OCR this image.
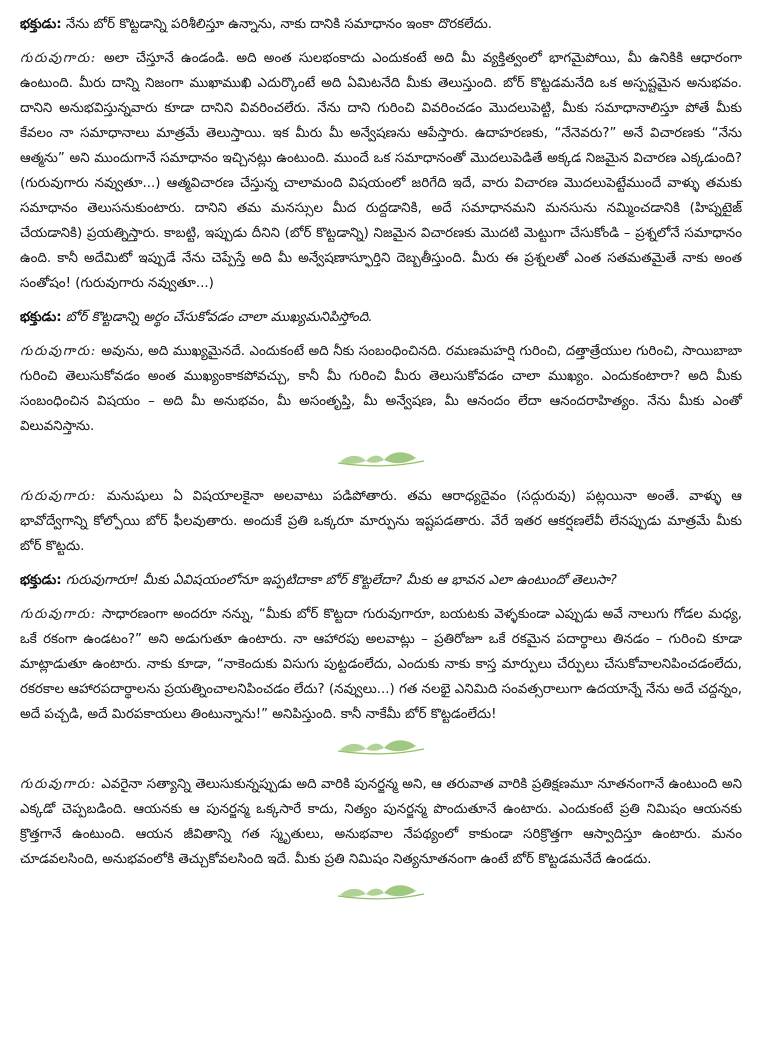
భక్తుడు: నేను బోర్ కొట్టడాన్ని పరిశీలిస్తూ ఉన్నాను, నాకు దానికి సమాధానం ఇంకా దొరకలేదు.

గురువుగారు: అలా చేస్తూనే ఉండండి. అది అంత సులభంకాదు ఎందుకంటే అది మీ వ్యక్తిత్వంలో భాగమైపోయి, మీ ఉనికికి ఆధారంగా ఉంటుంది. మీరు దాన్ని నిజంగా ముఖాముఖి ఎదుర్కొంటే అది ఏమిటనేది మీకు తెలుస్తుంది. బోర్ కొట్టడమనేది ఒక అస్పష్టమైన అనుభవం. దానిని అనుభవిస్తున్నవారు కూడా దానిని వివరించలేరు. నేను దాని గురించి వివరించడం మొదలుపెట్టి, మీకు సమాధానాలిస్తూ పోతే మీకు కేవలం నా సమాధానాలు మాత్రమే తెలుస్తాయి. ఇక మీరు మీ అన్వేషణను ఆపేస్తారు. ఉదాహరణకు, “నేనెవరు?” అనే విచారణకు “నేను ఆత్మను” అని ముందుగానే సమాధానం ఇచ్చినట్లు ఉంటుంది. ముందే ఒక సమాధానంతో మొదలుపెడితే అక్కడ నిజమైన విచారణ ఎక్కడుంది? (గురువుగారు నవ్వుతూ...) ఆత్మవిచారణ చేస్తున్న చాలామంది విషయంలో జరిగేది ఇదే, వారు విచారణ మొదలుపెట్టేముందే వాళ్ళు తమకు సమాధానం తెలుసనుకుంటారు. దానిని తమ మనస్సుల మీద రుద్దడానికి, అదే సమాధానమని మనసును నమ్మించడానికి (హిప్నటైజ్ చేయడానికి) ప్రయత్నిస్తారు. కాబట్టి, ఇప్పుడు దీనిని (బోర్ కొట్టడాన్ని) నిజమైన విచారణకు మొదటి మెట్టుగా చేసుకోండి – ప్రశ్నలోనే సమాధానం ఉంది. కానీ అదేమిటో ఇప్పుడే నేను చెప్పేస్తే అది మీ అన్వేషణాస్ఫూర్తిని దెబ్బతీస్తుంది. మీరు ఈ ప్రశ్నలతో ఎంత సతమతమైతే నాకు అంత సంతోషం! (గురువుగారు నవ్వుతూ...)

భక్తుడు: బోర్ కొట్టడాన్ని అర్థం చేసుకోవడం చాలా ముఖ్యమనిపిస్తోంది.

గురువుగారు: అవును, అది ముఖ్యమైనదే. ఎందుకంటే అది నీకు సంబంధించినది. రమణమహర్షి గురించి, దత్తాత్రేయుల గురించి, సాయిబాబా గురించి తెలుసుకోవడం అంత ముఖ్యంకాకపోవచ్చు, కానీ మీ గురించి మీరు తెలుసుకోవడం చాలా ముఖ్యం. ఎందుకంటారా? అది మీకు సంబంధించిన విషయం – అది మీ అనుభవం, మీ అసంతృప్తి, మీ అన్వేషణ, మీ ఆనందం లేదా ఆనందరాహిత్యం. నేను మీకు ఎంతో విలువనిస్తాను.

గురువుగారు: మనుషులు ఏ విషయాలకైనా అలవాటు పడిపోతారు. తమ ఆరాధ్యదైవం (సద్గురువు) పట్లయినా అంతే. వాళ్ళు ఆ భావోద్వేగాన్ని కోల్పోయి బోర్ ఫీలవుతారు. అందుకే ప్రతి ఒక్కరూ మార్పును ఇష్టపడతారు. వేరే ఇతర ఆకర్షణలేవీ లేనప్పుడు మాత్రమే మీకు బోర్ కొట్టదు.

భక్తుడు: గురువుగారూ! మీకు ఏవిషయంలోనూ ఇప్పటిదాకా బోర్ కొట్టలేదా? మీకు ఆ భావన ఎలా ఉంటుందో తెలుసా?

గురువుగారు: సాధారణంగా అందరూ నన్ను, “మీకు బోర్ కొట్టదా గురువుగారూ, బయటకు వెళ్ళకుండా ఎప్పుడు అవే నాలుగు గోడల మధ్య, ఒకే రకంగా ఉండటం?” అని అడుగుతూ ఉంటారు. నా ఆహారపు అలవాట్లు – ప్రతిరోజూ ఒకే రకమైన పదార్థాలు తినడం – గురించి కూడా మాట్లాడుతూ ఉంటారు. నాకు కూడా, “నాకెందుకు విసుగు పుట్టడంలేదు, ఎందుకు నాకు కాస్త మార్పులు చేర్పులు చేసుకోవాలనిపించడంలేదు, రకరకాల ఆహారపదార్థాలను ప్రయత్నించాలనిపించడం లేదు? (నవ్వులు...) గత నలభై ఎనిమిది సంవత్సరాలుగా ఉదయాన్నే నేను అదే చద్దన్నం, అదే పచ్చడి, అదే మిరపకాయలు తింటున్నాను!” అనిపిస్తుంది. కానీ నాకేమీ బోర్ కొట్టడంలేదు!

గురువుగారు: ఎవరైనా సత్యాన్ని తెలుసుకున్నప్పుడు అది వారికి పునర్జన్మ అని, ఆ తరువాత వారికి ప్రతిక్షణమూ నూతనంగానే ఉంటుంది అని ఎక్కడో చెప్పబడింది. ఆయనకు ఆ పునర్జన్మ ఒక్కసారే కాదు, నిత్యం పునర్జన్మ పొందుతూనే ఉంటారు. ఎందుకంటే ప్రతి నిమిషం ఆయనకు క్రొత్తగానే ఉంటుంది. ఆయన జీవితాన్ని గత స్మృతులు, అనుభవాల నేపథ్యంలో కాకుండా సరిక్రొత్తగా ఆస్వాదిస్తూ ఉంటారు. మనం చూడవలసింది, అనుభవంలోకి తెచ్చుకోవలసింది ఇదే. మీకు ప్రతి నిమిషం నిత్యనూతనంగా ఉంటే బోర్ కొట్టడమనేదే ఉండదు.
